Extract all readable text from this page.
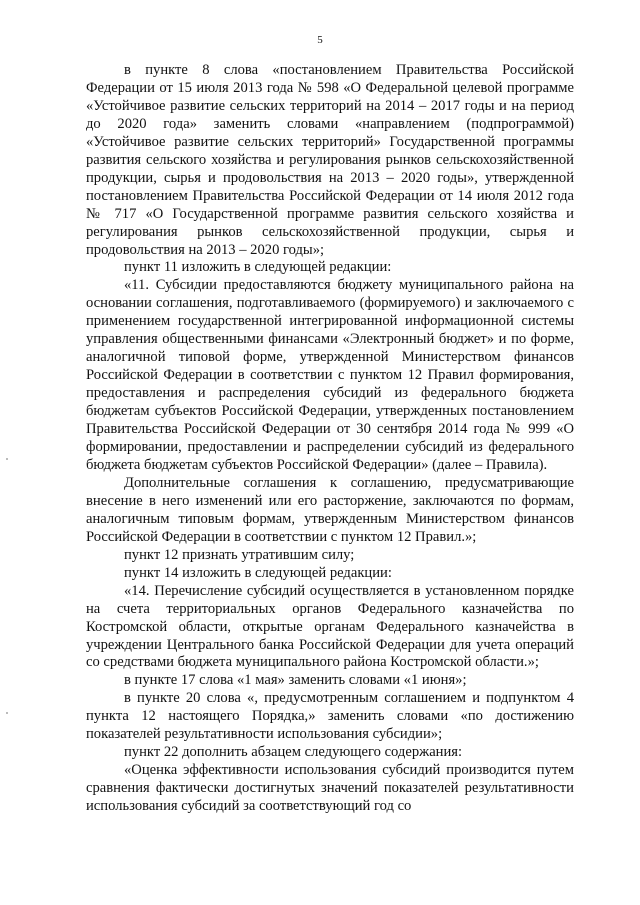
5

в пункте 8 слова «постановлением Правительства Российской Федерации от 15 июля 2013 года № 598 «О Федеральной целевой программе «Устойчивое развитие сельских территорий на 2014 – 2017 годы и на период до 2020 года» заменить словами «направлением (подпрограммой) «Устойчивое развитие сельских территорий» Государственной программы развития сельского хозяйства и регулирования рынков сельскохозяйственной продукции, сырья и продовольствия на 2013 – 2020 годы», утвержденной постановлением Правительства Российской Федерации от 14 июля 2012 года № 717 «О Государственной программе развития сельского хозяйства и регулирования рынков сельскохозяйственной продукции, сырья и продовольствия на 2013 – 2020 годы»;

пункт 11 изложить в следующей редакции:

«11. Субсидии предоставляются бюджету муниципального района на основании соглашения, подготавливаемого (формируемого) и заключаемого с применением государственной интегрированной информационной системы управления общественными финансами «Электронный бюджет» и по форме, аналогичной типовой форме, утвержденной Министерством финансов Российской Федерации в соответствии с пунктом 12 Правил формирования, предоставления и распределения субсидий из федерального бюджета бюджетам субъектов Российской Федерации, утвержденных постановлением Правительства Российской Федерации от 30 сентября 2014 года № 999 «О формировании, предоставлении и распределении субсидий из федерального бюджета бюджетам субъектов Российской Федерации» (далее – Правила).

Дополнительные соглашения к соглашению, предусматривающие внесение в него изменений или его расторжение, заключаются по формам, аналогичным типовым формам, утвержденным Министерством финансов Российской Федерации в соответствии с пунктом 12 Правил.»;

пункт 12 признать утратившим силу;

пункт 14 изложить в следующей редакции:

«14. Перечисление субсидий осуществляется в установленном порядке на счета территориальных органов Федерального казначейства по Костромской области, открытые органам Федерального казначейства в учреждении Центрального банка Российской Федерации для учета операций со средствами бюджета муниципального района Костромской области.»;

в пункте 17 слова «1 мая» заменить словами «1 июня»;

в пункте 20 слова «, предусмотренным соглашением и подпунктом 4 пункта 12 настоящего Порядка,» заменить словами «по достижению показателей результативности использования субсидии»;

пункт 22 дополнить абзацем следующего содержания:

«Оценка эффективности использования субсидий производится путем сравнения фактически достигнутых значений показателей результативности использования субсидий за соответствующий год со
